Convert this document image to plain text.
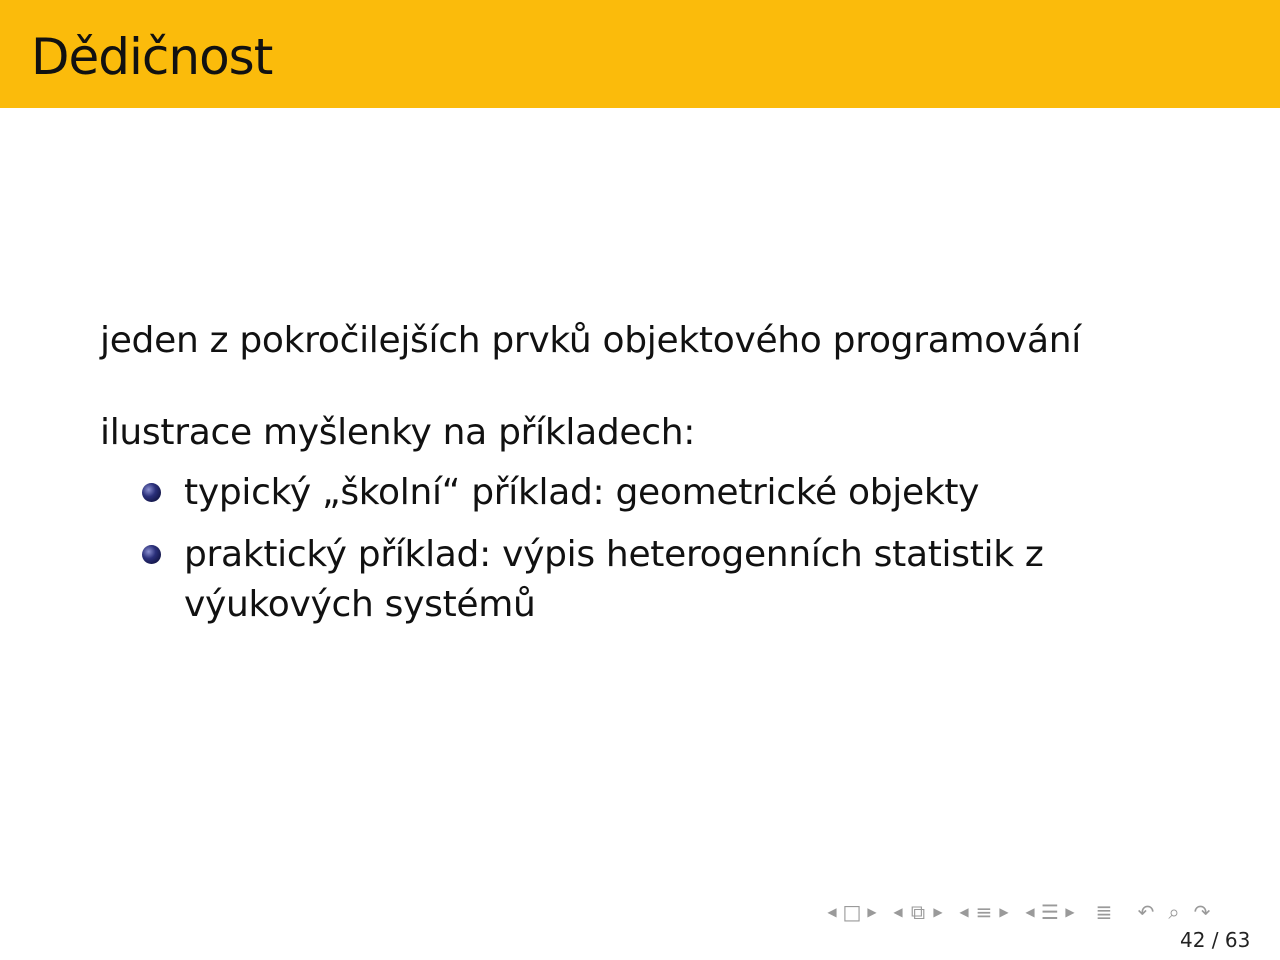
Dědičnost

jeden z pokročilejších prvků objektového programování

ilustrace myšlenky na příkladech:

typický „školní“ příklad: geometrické objekty
praktický příklad: výpis heterogenních statistik z výukových systémů
◀ □ ▶ ◀ ⧉ ▶ ◀ ≡ ▶ ◀ ☰ ▶ ≣ ↶ ⌕ ↷
42 / 63
